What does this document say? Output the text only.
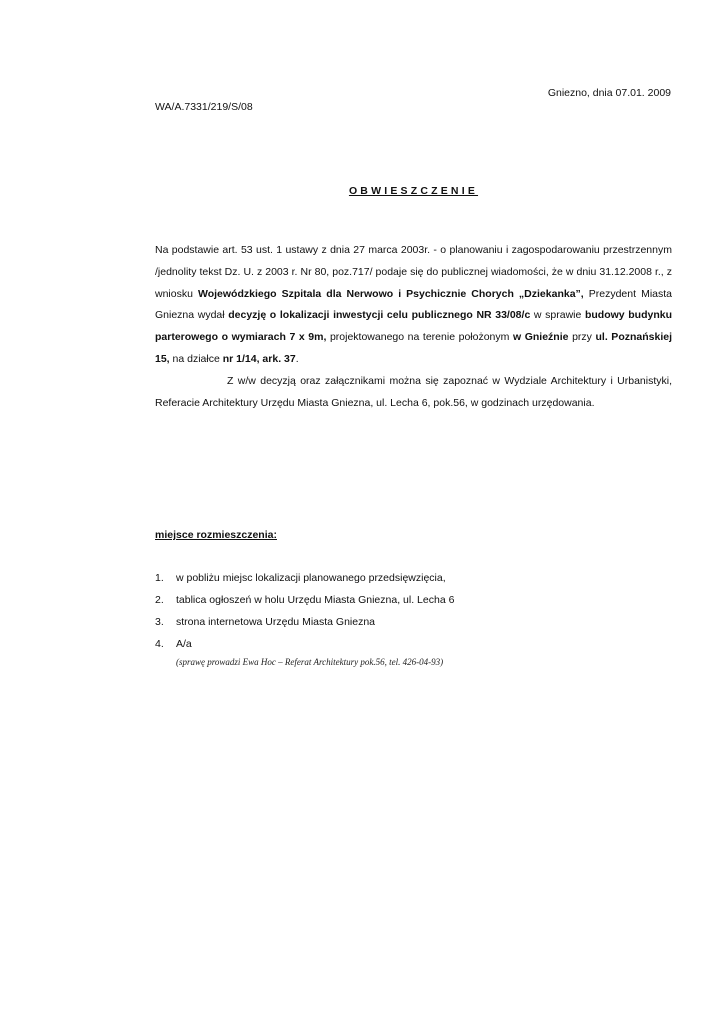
Gniezno, dnia 07.01. 2009
WA/A.7331/219/S/08
OBWIESZCZENIE

Na podstawie art. 53 ust. 1 ustawy z dnia 27 marca 2003r. - o planowaniu i zagospodarowaniu przestrzennym /jednolity tekst Dz. U. z 2003 r. Nr 80, poz.717/ podaje się do publicznej wiadomości, że w dniu 31.12.2008 r., z wniosku Wojewódzkiego Szpitala dla Nerwowo i Psychicznie Chorych „Dziekanka”, Prezydent Miasta Gniezna wydał decyzję o lokalizacji inwestycji celu publicznego NR 33/08/c w sprawie budowy budynku parterowego o wymiarach 7 x 9m, projektowanego na terenie położonym w Gnieźnie przy ul. Poznańskiej 15, na działce nr 1/14, ark. 37.

Z w/w decyzją oraz załącznikami można się zapoznać w Wydziale Architektury i Urbanistyki, Referacie Architektury Urzędu Miasta Gniezna, ul. Lecha 6, pok.56, w godzinach urzędowania.

miejsce rozmieszczenia:
1.	w pobliżu miejsc lokalizacji planowanego przedsięwzięcia,
2.	tablica ogłoszeń w holu Urzędu Miasta Gniezna, ul. Lecha 6
3.	strona internetowa Urzędu Miasta Gniezna
4.	A/a
(sprawę prowadzi Ewa Hoc – Referat Architektury pok.56, tel. 426-04-93)
